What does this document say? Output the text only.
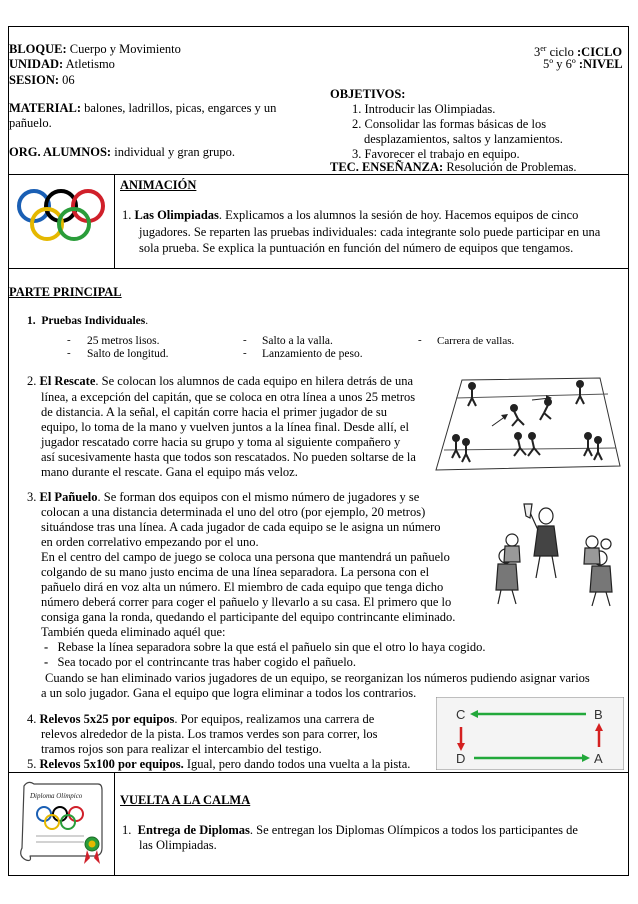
BLOQUE: Cuerpo y Movimiento
UNIDAD: Atletismo
SESION: 06
MATERIAL: balones, ladrillos, picas, engarces y un
pañuelo.
ORG. ALUMNOS: individual y gran grupo.
3er ciclo :CICLO
5º y 6º :NIVEL
OBJETIVOS:
1. Introducir las Olimpiadas.
2. Consolidar las formas básicas de los
desplazamientos, saltos y lanzamientos.
3. Favorecer el trabajo en equipo.
TEC. ENSEÑANZA: Resolución de Problemas.
ANIMACIÓN
1. Las Olimpiadas. Explicamos a los alumnos la sesión de hoy. Hacemos equipos de cinco
jugadores. Se reparten las pruebas individuales: cada integrante solo puede participar en una
sola prueba. Se explica la puntuación en función del número de equipos que tengamos.
PARTE PRINCIPAL
1. Pruebas Individuales.
- 25 metros lisos.	- Salto a la valla.	- Carrera de vallas.
- Salto de longitud.	- Lanzamiento de peso.
2. El Rescate. Se colocan los alumnos de cada equipo en hilera detrás de una
línea, a excepción del capitán, que se coloca en otra línea a unos 25 metros
de distancia. A la señal, el capitán corre hacia el primer jugador de su
equipo, lo toma de la mano y vuelven juntos a la línea final. Desde allí, el
jugador rescatado corre hacia su grupo y toma al siguiente compañero y
así sucesivamente hasta que todos son rescatados. No pueden soltarse de la
mano durante el rescate. Gana el equipo más veloz.
3. El Pañuelo. Se forman dos equipos con el mismo número de jugadores y se
colocan a una distancia determinada el uno del otro (por ejemplo, 20 metros)
situándose tras una línea. A cada jugador de cada equipo se le asigna un número
en orden correlativo empezando por el uno.
En el centro del campo de juego se coloca una persona que mantendrá un pañuelo
colgando de su mano justo encima de una línea separadora. La persona con el
pañuelo dirá en voz alta un número. El miembro de cada equipo que tenga dicho
número deberá correr para coger el pañuelo y llevarlo a su casa. El primero que lo
consiga gana la ronda, quedando el participante del equipo contrincante eliminado.
También queda eliminado aquél que:
- Rebase la línea separadora sobre la que está el pañuelo sin que el otro lo haya cogido.
- Sea tocado por el contrincante tras haber cogido el pañuelo.
Cuando se han eliminado varios jugadores de un equipo, se reorganizan los números pudiendo asignar varios
a un solo jugador. Gana el equipo que logra eliminar a todos los contrarios.
4. Relevos 5x25 por equipos. Por equipos, realizamos una carrera de
relevos alrededor de la pista. Los tramos verdes son para correr, los
tramos rojos son para realizar el intercambio del testigo.
5. Relevos 5x100 por equipos. Igual, pero dando todos una vuelta a la pista.
C	B
D	A
Diploma Olímpico	VUELTA A LA CALMA
1. Entrega de Diplomas. Se entregan los Diplomas Olímpicos a todos los participantes de
las Olimpiadas.
